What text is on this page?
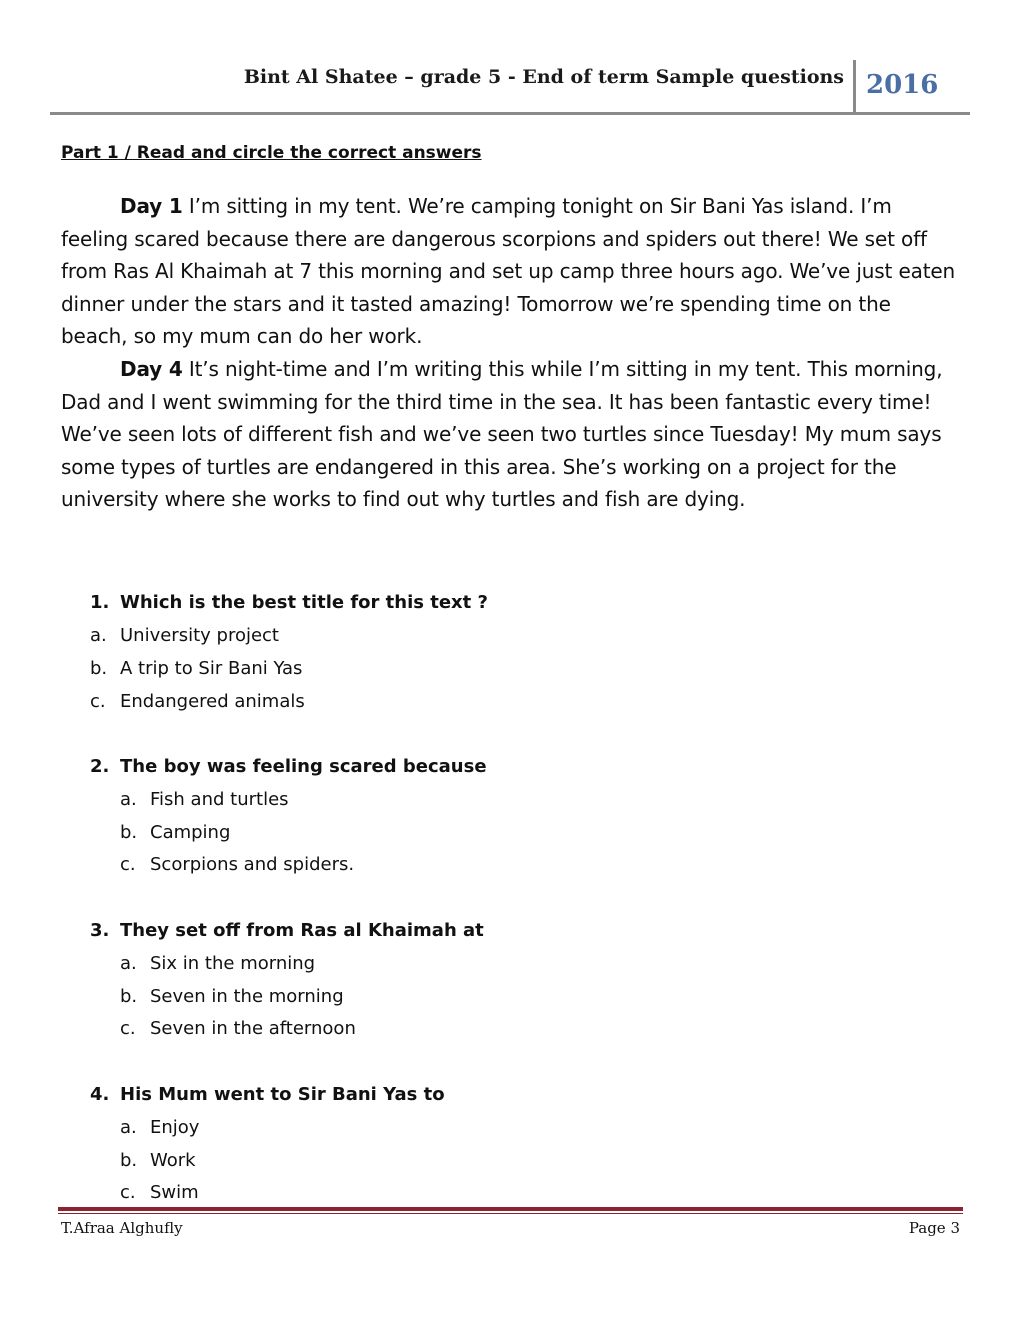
Bint Al Shatee – grade 5 - End of term Sample questions 2016
Part 1 / Read and circle the correct answers

Day 1 I’m sitting in my tent. We’re camping tonight on Sir Bani Yas island. I’m feeling scared because there are dangerous scorpions and spiders out there! We set off from Ras Al Khaimah at 7 this morning and set up camp three hours ago. We’ve just eaten dinner under the stars and it tasted amazing! Tomorrow we’re spending time on the beach, so my mum can do her work.

Day 4 It’s night-time and I’m writing this while I’m sitting in my tent. This morning, Dad and I went swimming for the third time in the sea. It has been fantastic every time! We’ve seen lots of different fish and we’ve seen two turtles since Tuesday! My mum says some types of turtles are endangered in this area. She’s working on a project for the university where she works to find out why turtles and fish are dying.

1. Which is the best title for this text ?
a. University project
b. A trip to Sir Bani Yas
c. Endangered animals
2. The boy was feeling scared because
a. Fish and turtles
b. Camping
c. Scorpions and spiders.
3. They set off from Ras al Khaimah at
a. Six in the morning
b. Seven in the morning
c. Seven in the afternoon
4. His Mum went to Sir Bani Yas to
a. Enjoy
b. Work
c. Swim
T.Afraa Alghufly	Page 3
